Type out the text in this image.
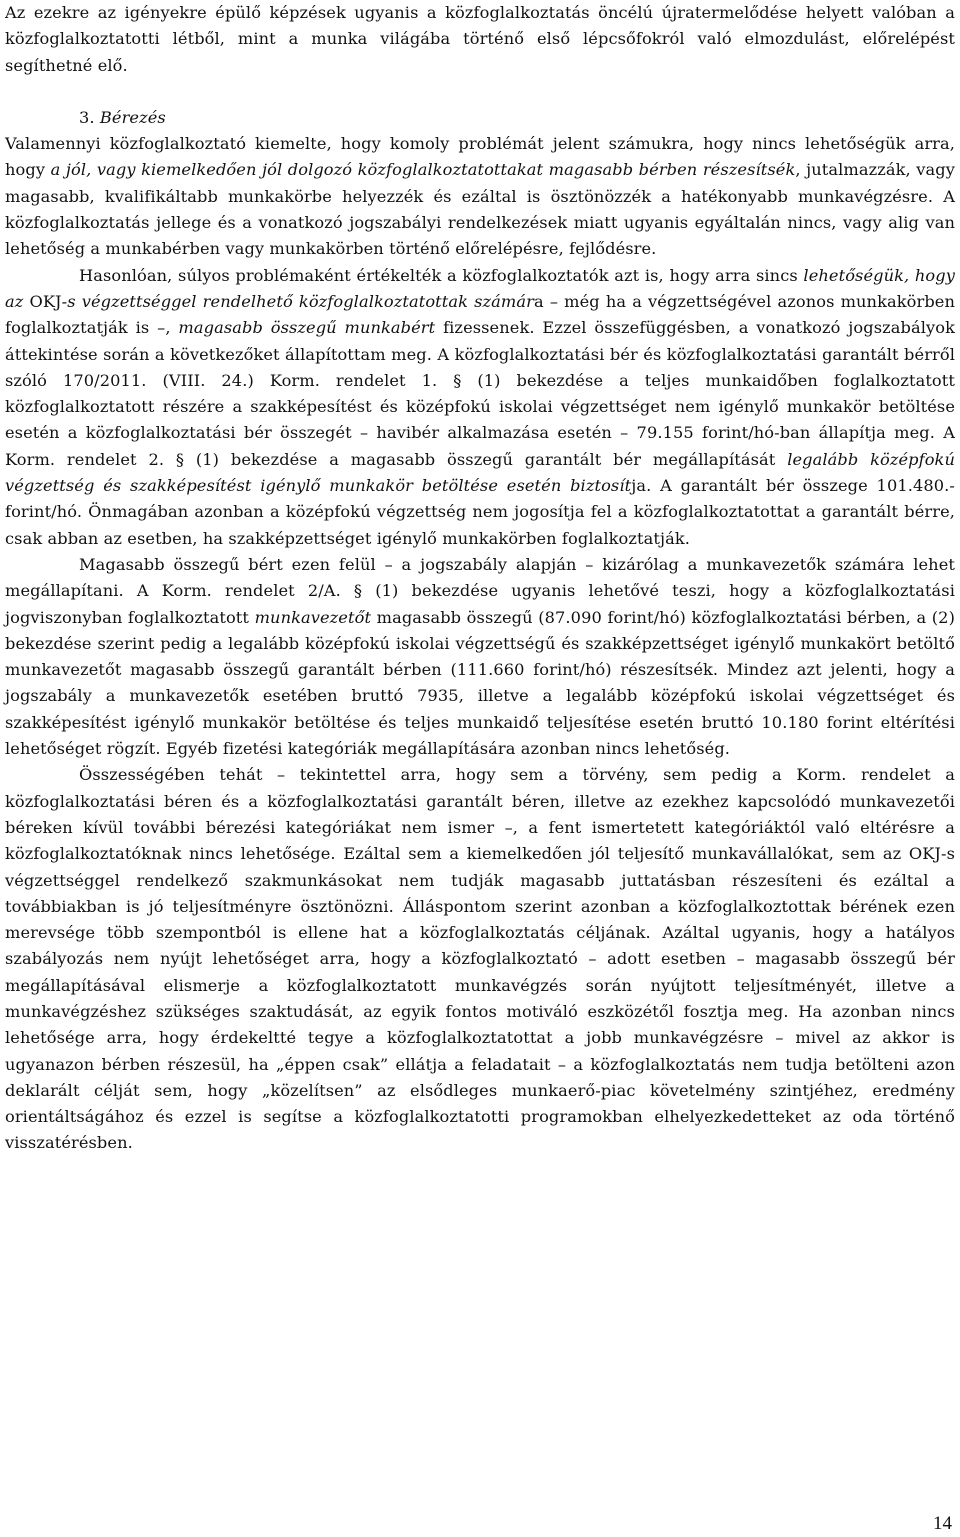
Az ezekre az igényekre épülő képzések ugyanis a közfoglalkoztatás öncélú újratermelődése helyett valóban a közfoglalkoztatotti létből, mint a munka világába történő első lépcsőfokról való elmozdulást, előrelépést segíthetné elő.

3. Bérezés
Valamennyi közfoglalkoztató kiemelte, hogy komoly problémát jelent számukra, hogy nincs lehetőségük arra, hogy a jól, vagy kiemelkedően jól dolgozó közfoglalkoztatottakat magasabb bérben részesítsék, jutalmazzák, vagy magasabb, kvalifikáltabb munkakörbe helyezzék és ezáltal is ösztönözzék a hatékonyabb munkavégzésre. A közfoglalkoztatás jellege és a vonatkozó jogszabályi rendelkezések miatt ugyanis egyáltalán nincs, vagy alig van lehetőség a munkabérben vagy munkakörben történő előrelépésre, fejlődésre.

Hasonlóan, súlyos problémaként értékelték a közfoglalkoztatók azt is, hogy arra sincs lehetőségük, hogy az OKJ-s végzettséggel rendelhető közfoglalkoztatottak számára – még ha a végzettségével azonos munkakörben foglalkoztatják is –, magasabb összegű munkabért fizessenek. Ezzel összefüggésben, a vonatkozó jogszabályok áttekintése során a következőket állapítottam meg. A közfoglalkoztatási bér és közfoglalkoztatási garantált bérről szóló 170/2011. (VIII. 24.) Korm. rendelet 1. § (1) bekezdése a teljes munkaidőben foglalkoztatott közfoglalkoztatott részére a szakképesítést és középfokú iskolai végzettséget nem igénylő munkakör betöltése esetén a közfoglalkoztatási bér összegét – havibér alkalmazása esetén – 79.155 forint/hó-ban állapítja meg. A Korm. rendelet 2. § (1) bekezdése a magasabb összegű garantált bér megállapítását legalább középfokú végzettség és szakképesítést igénylő munkakör betöltése esetén biztosítja. A garantált bér összege 101.480.- forint/hó. Önmagában azonban a középfokú végzettség nem jogosítja fel a közfoglalkoztatottat a garantált bérre, csak abban az esetben, ha szakképzettséget igénylő munkakörben foglalkoztatják.

Magasabb összegű bért ezen felül – a jogszabály alapján – kizárólag a munkavezetők számára lehet megállapítani. A Korm. rendelet 2/A. § (1) bekezdése ugyanis lehetővé teszi, hogy a közfoglalkoztatási jogviszonyban foglalkoztatott munkavezetőt magasabb összegű (87.090 forint/hó) közfoglalkoztatási bérben, a (2) bekezdése szerint pedig a legalább középfokú iskolai végzettségű és szakképzettséget igénylő munkakört betöltő munkavezetőt magasabb összegű garantált bérben (111.660 forint/hó) részesítsék. Mindez azt jelenti, hogy a jogszabály a munkavezetők esetében bruttó 7935, illetve a legalább középfokú iskolai végzettséget és szakképesítést igénylő munkakör betöltése és teljes munkaidő teljesítése esetén bruttó 10.180 forint eltérítési lehetőséget rögzít. Egyéb fizetési kategóriák megállapítására azonban nincs lehetőség.

Összességében tehát – tekintettel arra, hogy sem a törvény, sem pedig a Korm. rendelet a közfoglalkoztatási béren és a közfoglalkoztatási garantált béren, illetve az ezekhez kapcsolódó munkavezetői béreken kívül további bérezési kategóriákat nem ismer –, a fent ismertetett kategóriáktól való eltérésre a közfoglalkoztatóknak nincs lehetősége. Ezáltal sem a kiemelkedően jól teljesítő munkavállalókat, sem az OKJ-s végzettséggel rendelkező szakmunkásokat nem tudják magasabb juttatásban részesíteni és ezáltal a továbbiakban is jó teljesítményre ösztönözni. Álláspontom szerint azonban a közfoglalkoztottak bérének ezen merevsége több szempontból is ellene hat a közfoglalkoztatás céljának. Azáltal ugyanis, hogy a hatályos szabályozás nem nyújt lehetőséget arra, hogy a közfoglalkoztató – adott esetben – magasabb összegű bér megállapításával elismerje a közfoglalkoztatott munkavégzés során nyújtott teljesítményét, illetve a munkavégzéshez szükséges szaktudását, az egyik fontos motiváló eszközétől fosztja meg. Ha azonban nincs lehetősége arra, hogy érdekeltté tegye a közfoglalkoztatottat a jobb munkavégzésre – mivel az akkor is ugyanazon bérben részesül, ha „éppen csak” ellátja a feladatait – a közfoglalkoztatás nem tudja betölteni azon deklarált célját sem, hogy „közelítsen” az elsődleges munkaerő-piac követelmény szintjéhez, eredmény orientáltságához és ezzel is segítse a közfoglalkoztatotti programokban elhelyezkedetteket az oda történő visszatérésben.

14
